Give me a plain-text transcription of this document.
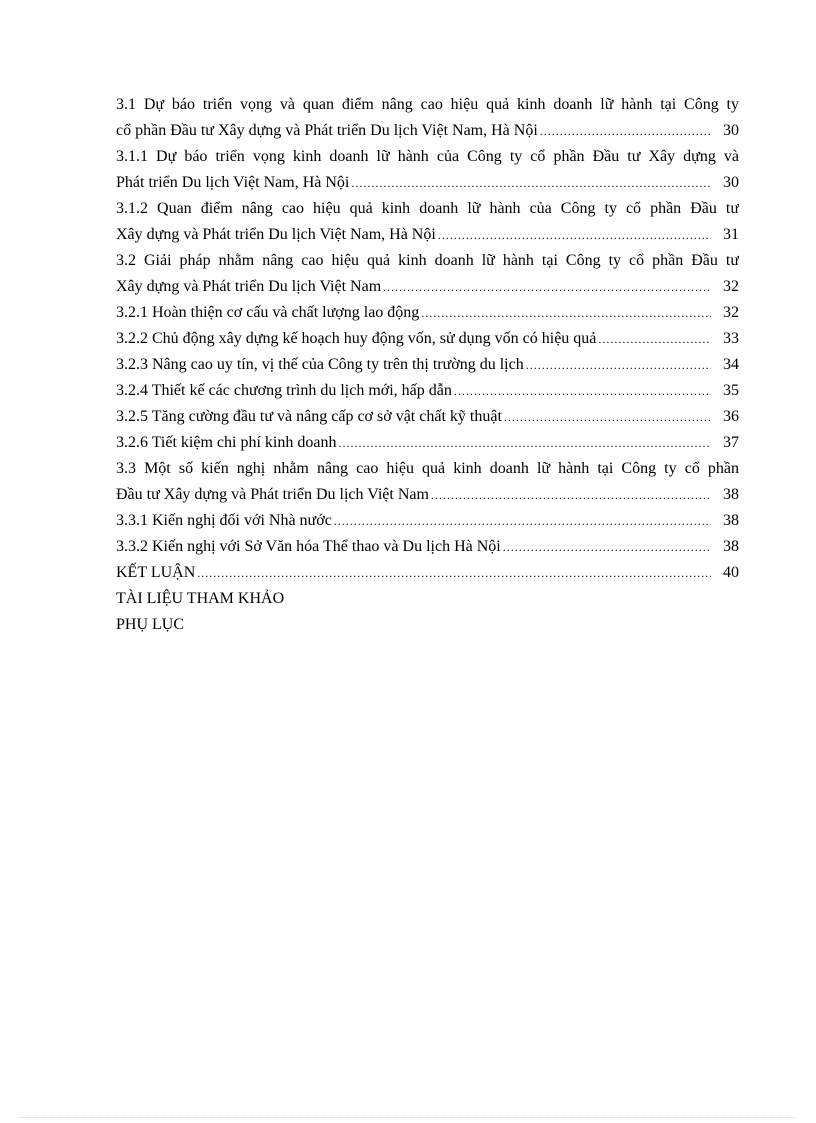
3.1 Dự báo triển vọng và quan điểm nâng cao hiệu quả kinh doanh lữ hành tại Công ty
cổ phần Đầu tư Xây dựng và Phát triển Du lịch Việt Nam, Hà Nội .....	30
3.1.1 Dự báo triển vọng kinh doanh lữ hành của Công ty cổ phần Đầu tư Xây dựng và
Phát triển Du lịch Việt Nam, Hà Nội .....	30
3.1.2 Quan điểm nâng cao hiệu quả kinh doanh lữ hành của Công ty cổ phần Đầu tư
Xây dựng và Phát triển Du lịch Việt Nam, Hà Nội .....	31
3.2 Giải pháp nhằm nâng cao hiệu quả kinh doanh lữ hành tại Công ty cổ phần Đầu tư
Xây dựng và Phát triển Du lịch Việt Nam .....	32
3.2.1 Hoàn thiện cơ cấu và chất lượng lao động .....	32
3.2.2 Chủ động xây dựng kế hoạch huy động vốn, sử dụng vốn có hiệu quả .....	33
3.2.3 Nâng cao uy tín, vị thế của Công ty trên thị trường du lịch .....	34
3.2.4 Thiết kế các chương trình du lịch mới, hấp dẫn .....	35
3.2.5 Tăng cường đầu tư và nâng cấp cơ sở vật chất kỹ thuật .....	36
3.2.6 Tiết kiệm chi phí kinh doanh .....	37
3.3 Một số kiến nghị nhằm nâng cao hiệu quả kinh doanh lữ hành tại Công ty cổ phần
Đầu tư Xây dựng và Phát triển Du lịch Việt Nam .....	38
3.3.1 Kiến nghị đối với Nhà nước .....	38
3.3.2 Kiến nghị với Sở Văn hóa Thể thao và Du lịch Hà Nội .....	38
KẾT LUẬN .....	40
TÀI LIỆU THAM KHẢO
PHỤ LỤC
